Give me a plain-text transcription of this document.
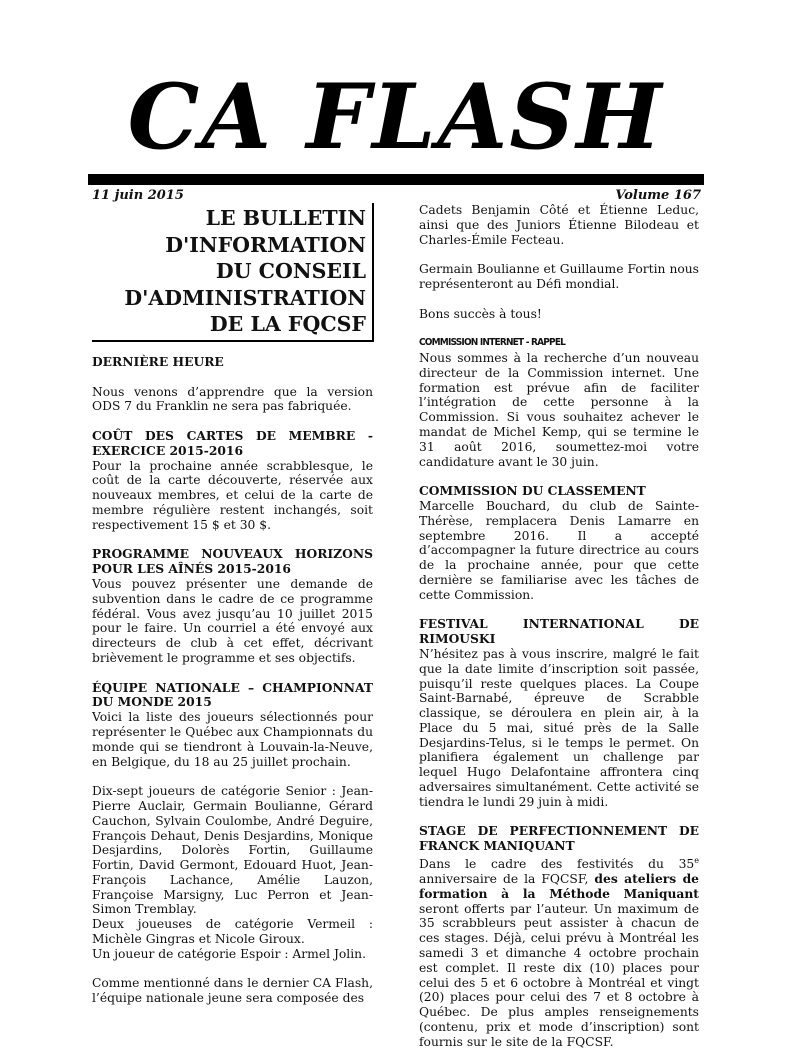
CA FLASH
11 juin 2015	Volume 167
LE BULLETIN
D'INFORMATION
DU CONSEIL
D'ADMINISTRATION
DE LA FQCSF

DERNIÈRE HEURE

Nous venons d’apprendre que la version ODS 7 du Franklin ne sera pas fabriquée.

COÛT DES CARTES DE MEMBRE - EXERCICE 2015-2016

Pour la prochaine année scrabblesque, le coût de la carte découverte, réservée aux nouveaux membres, et celui de la carte de membre régulière restent inchangés, soit respectivement 15 $ et 30 $.

PROGRAMME NOUVEAUX HORIZONS POUR LES AÎNÉS 2015-2016

Vous pouvez présenter une demande de subvention dans le cadre de ce programme fédéral. Vous avez jusqu’au 10 juillet 2015 pour le faire. Un courriel a été envoyé aux directeurs de club à cet effet, décrivant brièvement le programme et ses objectifs.

ÉQUIPE NATIONALE – CHAMPIONNAT DU MONDE 2015

Voici la liste des joueurs sélectionnés pour représenter le Québec aux Championnats du monde qui se tiendront à Louvain-la-Neuve, en Belgique, du 18 au 25 juillet prochain.

Dix-sept joueurs de catégorie Senior : Jean-Pierre Auclair, Germain Boulianne, Gérard Cauchon, Sylvain Coulombe, André Deguire, François Dehaut, Denis Desjardins, Monique Desjardins, Dolorès Fortin, Guillaume Fortin, David Germont, Edouard Huot, Jean-François Lachance, Amélie Lauzon, Françoise Marsigny, Luc Perron et Jean-Simon Tremblay.

Deux joueuses de catégorie Vermeil : Michèle Gingras et Nicole Giroux.

Un joueur de catégorie Espoir : Armel Jolin.

Comme mentionné dans le dernier CA Flash, l’équipe nationale jeune sera composée des

Cadets Benjamin Côté et Étienne Leduc, ainsi que des Juniors Étienne Bilodeau et Charles-Émile Fecteau.

Germain Boulianne et Guillaume Fortin nous représenteront au Défi mondial.

Bons succès à tous!

COMMISSION INTERNET - RAPPEL

Nous sommes à la recherche d’un nouveau directeur de la Commission internet. Une formation est prévue afin de faciliter l’intégration de cette personne à la Commission. Si vous souhaitez achever le mandat de Michel Kemp, qui se termine le 31 août 2016, soumettez-moi votre candidature avant le 30 juin.

COMMISSION DU CLASSEMENT

Marcelle Bouchard, du club de Sainte-Thérèse, remplacera Denis Lamarre en septembre 2016. Il a accepté d’accompagner la future directrice au cours de la prochaine année, pour que cette dernière se familiarise avec les tâches de cette Commission.

FESTIVAL INTERNATIONAL DE RIMOUSKI

N’hésitez pas à vous inscrire, malgré le fait que la date limite d’inscription soit passée, puisqu’il reste quelques places. La Coupe Saint-Barnabé, épreuve de Scrabble classique, se déroulera en plein air, à la Place du 5 mai, situé près de la Salle Desjardins-Telus, si le temps le permet. On planifiera également un challenge par lequel Hugo Delafontaine affrontera cinq adversaires simultanément. Cette activité se tiendra le lundi 29 juin à midi.

STAGE DE PERFECTIONNEMENT DE FRANCK MANIQUANT

Dans le cadre des festivités du 35e anniversaire de la FQCSF, des ateliers de formation à la Méthode Maniquant seront offerts par l’auteur. Un maximum de 35 scrabbleurs peut assister à chacun de ces stages. Déjà, celui prévu à Montréal les samedi 3 et dimanche 4 octobre prochain est complet. Il reste dix (10) places pour celui des 5 et 6 octobre à Montréal et vingt (20) places pour celui des 7 et 8 octobre à Québec. De plus amples renseignements (contenu, prix et mode d’inscription) sont fournis sur le site de la FQCSF.
